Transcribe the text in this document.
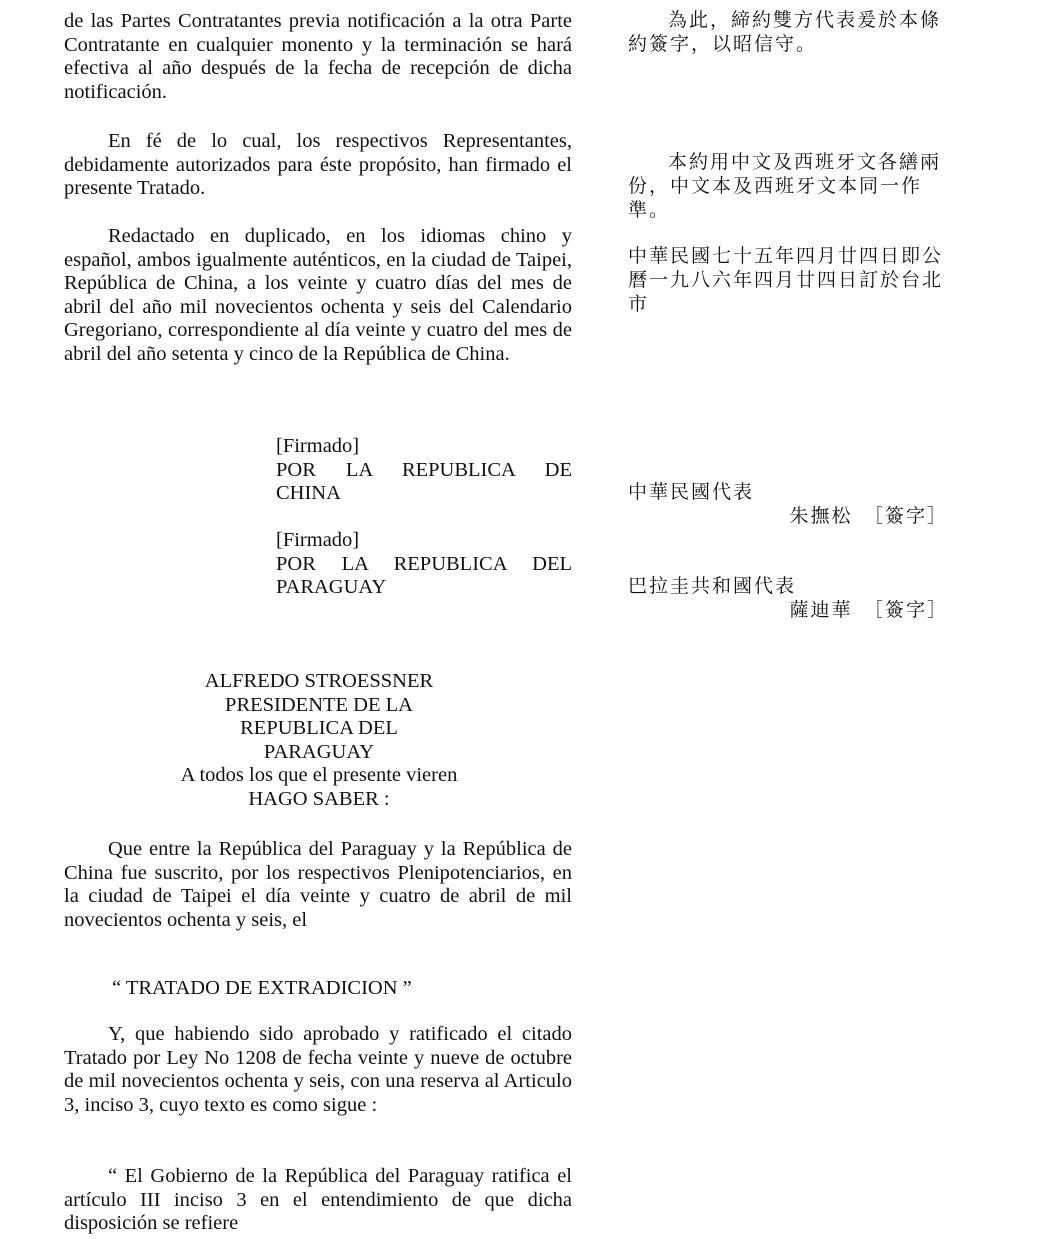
de las Partes Contratantes previa notificación a la otra Parte Contratante en cualquier monento y la terminación se hará efectiva al año después de la fecha de recepción de dicha notificación.

En fé de lo cual, los respectivos Representantes, debidamente autorizados para éste propósito, han firmado el presente Tratado.

Redactado en duplicado, en los idiomas chino y español, ambos igualmente auténticos, en la ciudad de Taipei, República de China, a los veinte y cuatro días del mes de abril del año mil novecientos ochenta y seis del Calendario Gregoriano, correspondiente al día veinte y cuatro del mes de abril del año setenta y cinco de la República de China.

[Firmado]
POR LA REPUBLICA DE
CHINA
[Firmado]
POR LA REPUBLICA DEL
PARAGUAY
ALFREDO STROESSNER
PRESIDENTE DE LA
REPUBLICA DEL
PARAGUAY
A todos los que el presente vieren
HAGO SABER :

Que entre la República del Paraguay y la República de China fue suscrito, por los respectivos Plenipotenciarios, en la ciudad de Taipei el día veinte y cuatro de abril de mil novecientos ochenta y seis, el

“ TRATADO DE EXTRADICION ”

Y, que habiendo sido aprobado y ratificado el citado Tratado por Ley No 1208 de fecha veinte y nueve de octubre de mil novecientos ochenta y seis, con una reserva al Articulo 3, inciso 3, cuyo texto es como sigue :

“ El Gobierno de la República del Paraguay ratifica el artículo III inciso 3 en el entendimiento de que dicha disposición se refiere

為此，締約雙方代表爰於本條約簽字，以昭信守。

本約用中文及西班牙文各繕兩份，中文本及西班牙文本同一作準。

中華民國七十五年四月廿四日即公曆一九八六年四月廿四日訂於台北市

中華民國代表
朱撫松　［簽字］
巴拉圭共和國代表
薩迪華　［簽字］
